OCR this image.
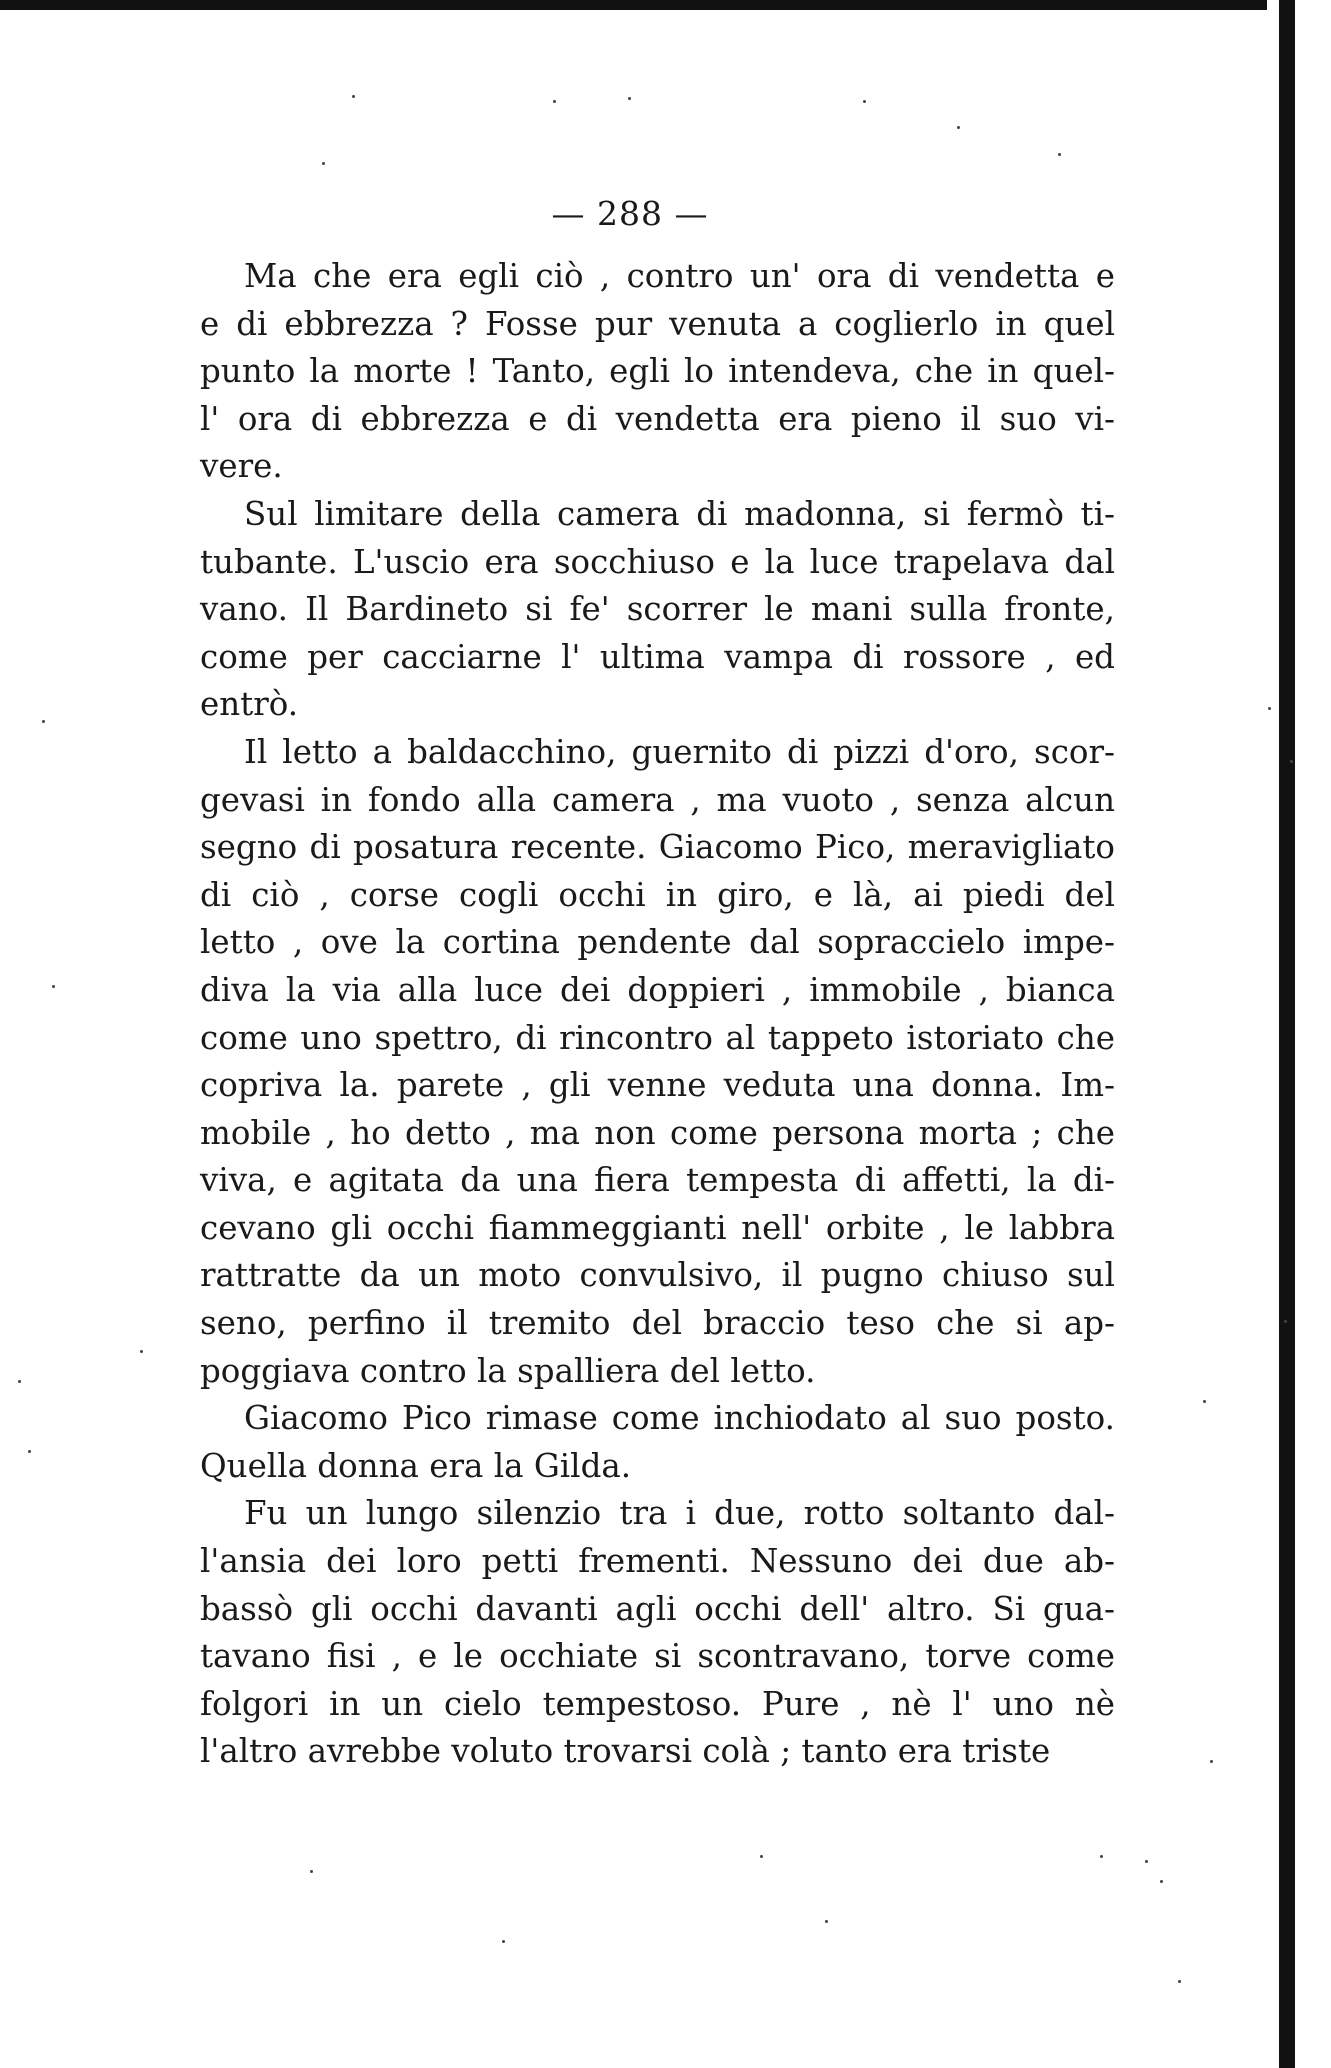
— 288 —

Ma che era egli ciò , contro un' ora di vendetta e
e di ebbrezza ? Fosse pur venuta a coglierlo in quel
punto la morte ! Tanto, egli lo intendeva, che in quel-
l' ora di ebbrezza e di vendetta era pieno il suo vi-
vere.

Sul limitare della camera di madonna, si fermò ti-
tubante. L'uscio era socchiuso e la luce trapelava dal
vano. Il Bardineto si fe' scorrer le mani sulla fronte,
come per cacciarne l' ultima vampa di rossore , ed
entrò.

Il letto a baldacchino, guernito di pizzi d'oro, scor-
gevasi in fondo alla camera , ma vuoto , senza alcun
segno di posatura recente. Giacomo Pico, meravigliato
di ciò , corse cogli occhi in giro, e là, ai piedi del
letto , ove la cortina pendente dal sopraccielo impe-
diva la via alla luce dei doppieri , immobile , bianca
come uno spettro, di rincontro al tappeto istoriato che
copriva la. parete , gli venne veduta una donna. Im-
mobile , ho detto , ma non come persona morta ; che
viva, e agitata da una fiera tempesta di affetti, la di-
cevano gli occhi fiammeggianti nell' orbite , le labbra
rattratte da un moto convulsivo, il pugno chiuso sul
seno, perfino il tremito del braccio teso che si ap-
poggiava contro la spalliera del letto.

Giacomo Pico rimase come inchiodato al suo posto.
Quella donna era la Gilda.

Fu un lungo silenzio tra i due, rotto soltanto dal-
l'ansia dei loro petti frementi. Nessuno dei due ab-
bassò gli occhi davanti agli occhi dell' altro. Si gua-
tavano fisi , e le occhiate si scontravano, torve come
folgori in un cielo tempestoso. Pure , nè l' uno nè
l'altro avrebbe voluto trovarsi colà ; tanto era triste
